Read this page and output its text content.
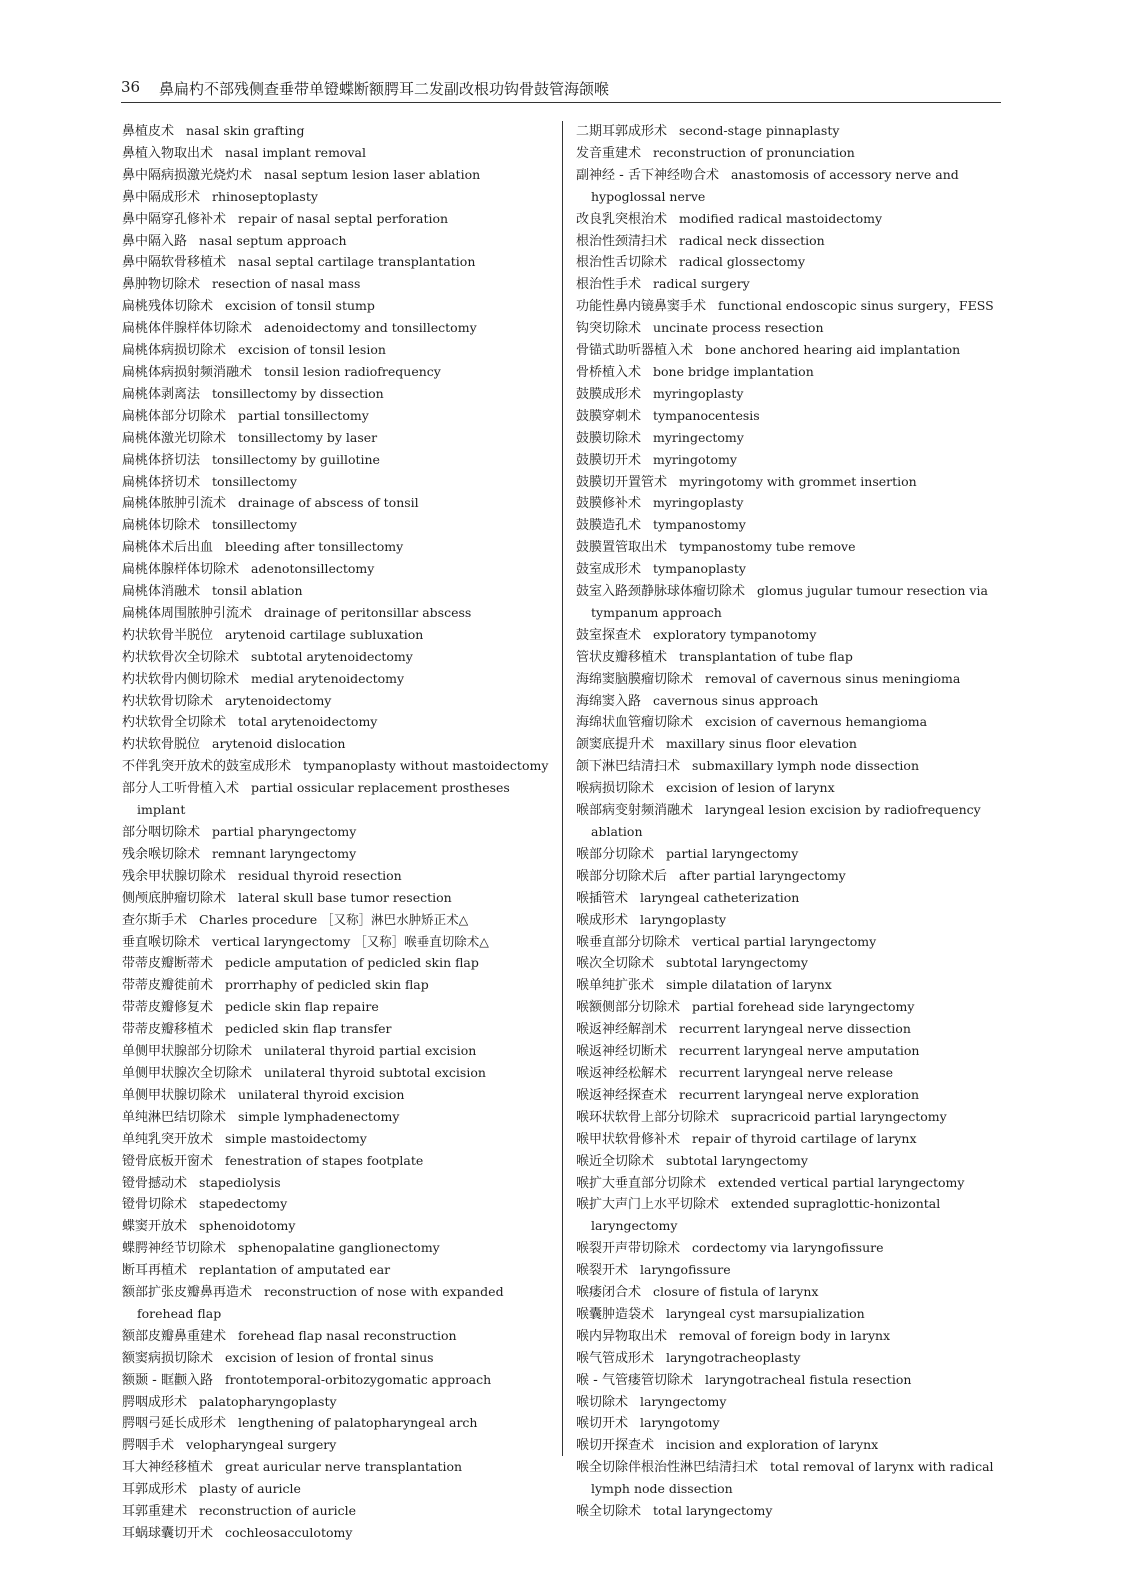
36 鼻扁杓不部残侧查垂带单镫蝶断额腭耳二发副改根功钩骨鼓管海颌喉
鼻植皮术 nasal skin grafting
鼻植入物取出术 nasal implant removal
鼻中隔病损激光烧灼术 nasal septum lesion laser ablation
鼻中隔成形术 rhinoseptoplasty
鼻中隔穿孔修补术 repair of nasal septal perforation
鼻中隔入路 nasal septum approach
鼻中隔软骨移植术 nasal septal cartilage transplantation
鼻肿物切除术 resection of nasal mass
扁桃残体切除术 excision of tonsil stump
扁桃体伴腺样体切除术 adenoidectomy and tonsillectomy
扁桃体病损切除术 excision of tonsil lesion
扁桃体病损射频消融术 tonsil lesion radiofrequency
扁桃体剥离法 tonsillectomy by dissection
扁桃体部分切除术 partial tonsillectomy
扁桃体激光切除术 tonsillectomy by laser
扁桃体挤切法 tonsillectomy by guillotine
扁桃体挤切术 tonsillectomy
扁桃体脓肿引流术 drainage of abscess of tonsil
扁桃体切除术 tonsillectomy
扁桃体术后出血 bleeding after tonsillectomy
扁桃体腺样体切除术 adenotonsillectomy
扁桃体消融术 tonsil ablation
扁桃体周围脓肿引流术 drainage of peritonsillar abscess
杓状软骨半脱位 arytenoid cartilage subluxation
杓状软骨次全切除术 subtotal arytenoidectomy
杓状软骨内侧切除术 medial arytenoidectomy
杓状软骨切除术 arytenoidectomy
杓状软骨全切除术 total arytenoidectomy
杓状软骨脱位 arytenoid dislocation
不伴乳突开放术的鼓室成形术 tympanoplasty without mastoidectomy
部分人工听骨植入术 partial ossicular replacement prostheses implant
部分咽切除术 partial pharyngectomy
残余喉切除术 remnant laryngectomy
残余甲状腺切除术 residual thyroid resection
侧颅底肿瘤切除术 lateral skull base tumor resection
查尔斯手术 Charles procedure ［又称］淋巴水肿矫正术△
垂直喉切除术 vertical laryngectomy ［又称］喉垂直切除术△
带蒂皮瓣断蒂术 pedicle amputation of pedicled skin flap
带蒂皮瓣徙前术 prorrhaphy of pedicled skin flap
带蒂皮瓣修复术 pedicle skin flap repaire
带蒂皮瓣移植术 pedicled skin flap transfer
单侧甲状腺部分切除术 unilateral thyroid partial excision
单侧甲状腺次全切除术 unilateral thyroid subtotal excision
单侧甲状腺切除术 unilateral thyroid excision
单纯淋巴结切除术 simple lymphadenectomy
单纯乳突开放术 simple mastoidectomy
镫骨底板开窗术 fenestration of stapes footplate
镫骨撼动术 stapediolysis
镫骨切除术 stapedectomy
蝶窦开放术 sphenoidotomy
蝶腭神经节切除术 sphenopalatine ganglionectomy
断耳再植术 replantation of amputated ear
额部扩张皮瓣鼻再造术 reconstruction of nose with expanded forehead flap
额部皮瓣鼻重建术 forehead flap nasal reconstruction
额窦病损切除术 excision of lesion of frontal sinus
额颞 - 眶颧入路 frontotemporal-orbitozygomatic approach
腭咽成形术 palatopharyngoplasty
腭咽弓延长成形术 lengthening of palatopharyngeal arch
腭咽手术 velopharyngeal surgery
耳大神经移植术 great auricular nerve transplantation
耳郭成形术 plasty of auricle
耳郭重建术 reconstruction of auricle
耳蜗球囊切开术 cochleosacculotomy
二期耳郭成形术 second-stage pinnaplasty
发音重建术 reconstruction of pronunciation
副神经 - 舌下神经吻合术 anastomosis of accessory nerve and hypoglossal nerve
改良乳突根治术 modified radical mastoidectomy
根治性颈清扫术 radical neck dissection
根治性舌切除术 radical glossectomy
根治性手术 radical surgery
功能性鼻内镜鼻窦手术 functional endoscopic sinus surgery，FESS
钩突切除术 uncinate process resection
骨锚式助听器植入术 bone anchored hearing aid implantation
骨桥植入术 bone bridge implantation
鼓膜成形术 myringoplasty
鼓膜穿刺术 tympanocentesis
鼓膜切除术 myringectomy
鼓膜切开术 myringotomy
鼓膜切开置管术 myringotomy with grommet insertion
鼓膜修补术 myringoplasty
鼓膜造孔术 tympanostomy
鼓膜置管取出术 tympanostomy tube remove
鼓室成形术 tympanoplasty
鼓室入路颈静脉球体瘤切除术 glomus jugular tumour resection via tympanum approach
鼓室探查术 exploratory tympanotomy
管状皮瓣移植术 transplantation of tube flap
海绵窦脑膜瘤切除术 removal of cavernous sinus meningioma
海绵窦入路 cavernous sinus approach
海绵状血管瘤切除术 excision of cavernous hemangioma
颌窦底提升术 maxillary sinus floor elevation
颌下淋巴结清扫术 submaxillary lymph node dissection
喉病损切除术 excision of lesion of larynx
喉部病变射频消融术 laryngeal lesion excision by radiofrequency ablation
喉部分切除术 partial laryngectomy
喉部分切除术后 after partial laryngectomy
喉插管术 laryngeal catheterization
喉成形术 laryngoplasty
喉垂直部分切除术 vertical partial laryngectomy
喉次全切除术 subtotal laryngectomy
喉单纯扩张术 simple dilatation of larynx
喉额侧部分切除术 partial forehead side laryngectomy
喉返神经解剖术 recurrent laryngeal nerve dissection
喉返神经切断术 recurrent laryngeal nerve amputation
喉返神经松解术 recurrent laryngeal nerve release
喉返神经探查术 recurrent laryngeal nerve exploration
喉环状软骨上部分切除术 supracricoid partial laryngectomy
喉甲状软骨修补术 repair of thyroid cartilage of larynx
喉近全切除术 subtotal laryngectomy
喉扩大垂直部分切除术 extended vertical partial laryngectomy
喉扩大声门上水平切除术 extended supraglottic-honizontal laryngectomy
喉裂开声带切除术 cordectomy via laryngofissure
喉裂开术 laryngofissure
喉瘘闭合术 closure of fistula of larynx
喉囊肿造袋术 laryngeal cyst marsupialization
喉内异物取出术 removal of foreign body in larynx
喉气管成形术 laryngotracheoplasty
喉 - 气管瘘管切除术 laryngotracheal fistula resection
喉切除术 laryngectomy
喉切开术 laryngotomy
喉切开探查术 incision and exploration of larynx
喉全切除伴根治性淋巴结清扫术 total removal of larynx with radical lymph node dissection
喉全切除术 total laryngectomy
